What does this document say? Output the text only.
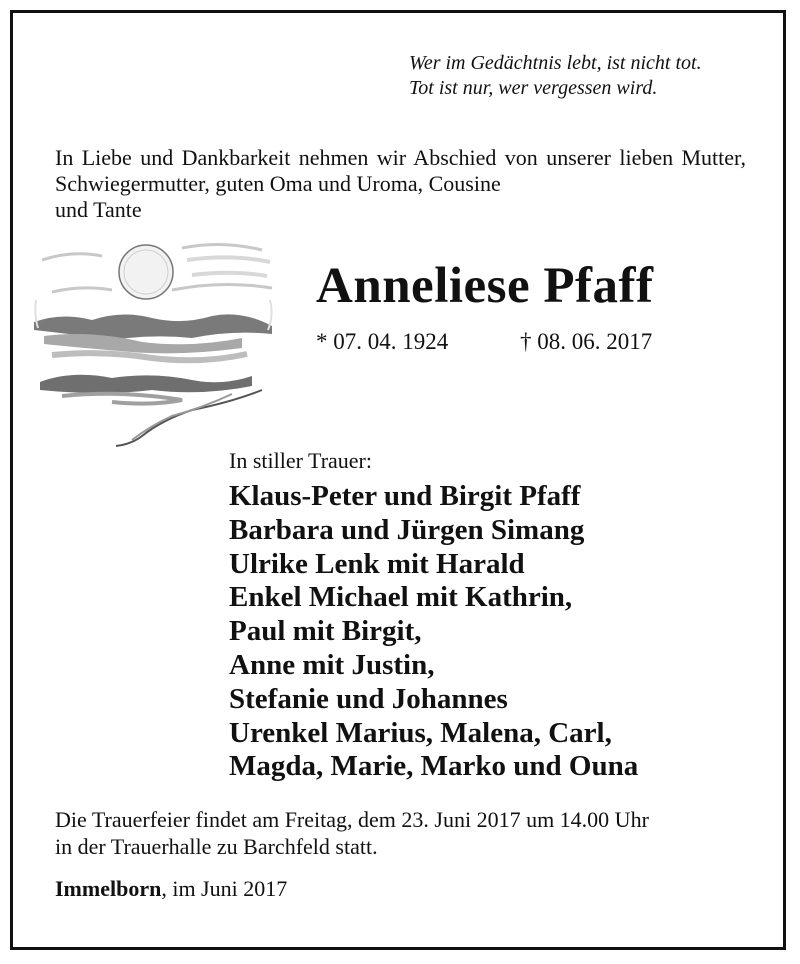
Wer im Gedächtnis lebt, ist nicht tot.
Tot ist nur, wer vergessen wird.
In Liebe und Dankbarkeit nehmen wir Abschied von unserer lieben Mutter, Schwiegermutter, guten Oma und Uroma, Cousine
und Tante
Anneliese Pfaff
* 07. 04. 1924	† 08. 06. 2017
In stiller Trauer:
Klaus-Peter und Birgit Pfaff
Barbara und Jürgen Simang
Ulrike Lenk mit Harald
Enkel Michael mit Kathrin,
Paul mit Birgit,
Anne mit Justin,
Stefanie und Johannes
Urenkel Marius, Malena, Carl,
Magda, Marie, Marko und Ouna
Die Trauerfeier findet am Freitag, dem 23. Juni 2017 um 14.00 Uhr
in der Trauerhalle zu Barchfeld statt.
Immelborn, im Juni 2017
